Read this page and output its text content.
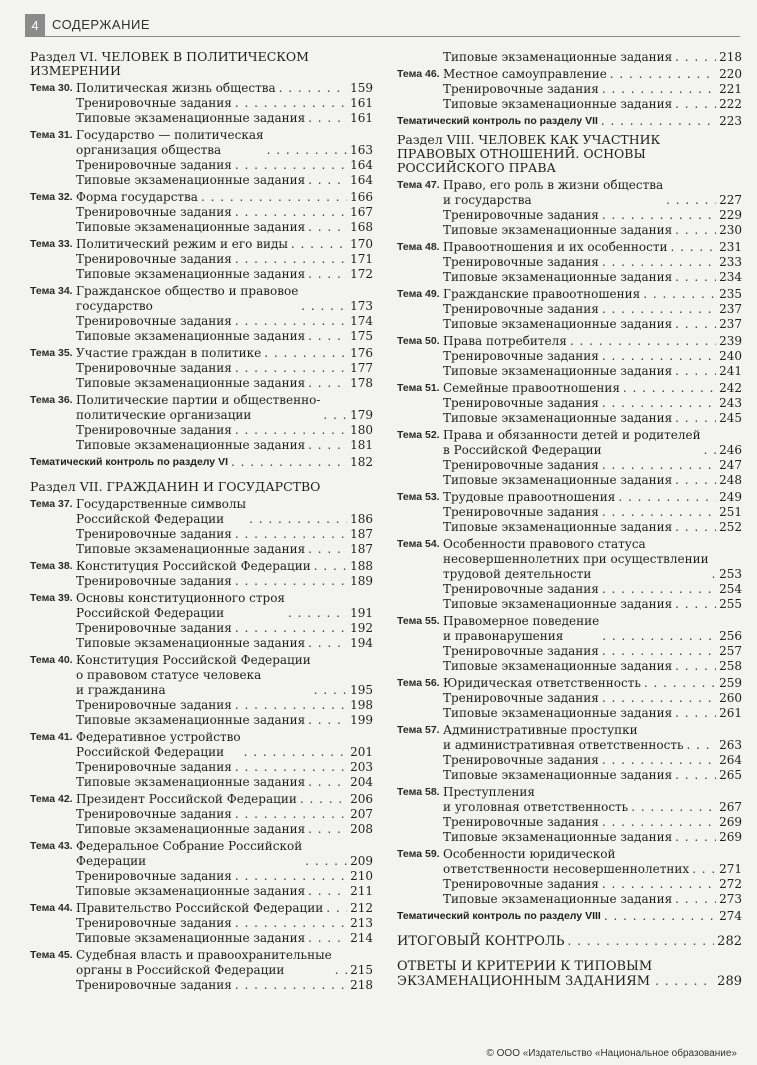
4	СОДЕРЖАНИЕ
Раздел VI. ЧЕЛОВЕК В ПОЛИТИЧЕСКОМ
ИЗМЕРЕНИИ
Тема 30. Политическая жизнь общества . . .	159
Тренировочные задания . . .	161
Типовые экзаменационные задания . . .	161
Тема 31. Государство — политическая
организация общества . . .	163
Тренировочные задания . . .	164
Типовые экзаменационные задания . . .	164
Тема 32. Форма государства . . .	166
Тренировочные задания . . .	167
Типовые экзаменационные задания . . .	168
Тема 33. Политический режим и его виды . . .	170
Тренировочные задания . . .	171
Типовые экзаменационные задания . . .	172
Тема 34. Гражданское общество и правовое
государство . . .	173
Тренировочные задания . . .	174
Типовые экзаменационные задания . . .	175
Тема 35. Участие граждан в политике . . .	176
Тренировочные задания . . .	177
Типовые экзаменационные задания . . .	178
Тема 36. Политические партии и общественно-
политические организации . . .	179
Тренировочные задания . . .	180
Типовые экзаменационные задания . . .	181
Тематический контроль по разделу VI . . .	182
Раздел VII. ГРАЖДАНИН И ГОСУДАРСТВО
Тема 37. Государственные символы
Российской Федерации . . .	186
Тренировочные задания . . .	187
Типовые экзаменационные задания . . .	187
Тема 38. Конституция Российской Федерации . . .	188
Тренировочные задания . . .	189
Тема 39. Основы конституционного строя
Российской Федерации . . .	191
Тренировочные задания . . .	192
Типовые экзаменационные задания . . .	194
Тема 40. Конституция Российской Федерации
о правовом статусе человека
и гражданина . . .	195
Тренировочные задания . . .	198
Типовые экзаменационные задания . . .	199
Тема 41. Федеративное устройство
Российской Федерации . . .	201
Тренировочные задания . . .	203
Типовые экзаменационные задания . . .	204
Тема 42. Президент Российской Федерации . . .	206
Тренировочные задания . . .	207
Типовые экзаменационные задания . . .	208
Тема 43. Федеральное Собрание Российской
Федерации . . .	209
Тренировочные задания . . .	210
Типовые экзаменационные задания . . .	211
Тема 44. Правительство Российской Федерации . . . 212
Тренировочные задания . . .	213
Типовые экзаменационные задания . . .	214
Тема 45. Судебная власть и правоохранительные
органы в Российской Федерации . . .	215
Тренировочные задания . . .	218
Типовые экзаменационные задания . . .	218
Тема 46. Местное самоуправление . . .	220
Тренировочные задания . . .	221
Типовые экзаменационные задания . . .	222
Тематический контроль по разделу VII . . .	223
Раздел VIII. ЧЕЛОВЕК КАК УЧАСТНИК
ПРАВОВЫХ ОТНОШЕНИЙ. ОСНОВЫ
РОССИЙСКОГО ПРАВА
Тема 47. Право, его роль в жизни общества
и государства . . .	227
Тренировочные задания . . .	229
Типовые экзаменационные задания . . .	230
Тема 48. Правоотношения и их особенности . . .	231
Тренировочные задания . . .	233
Типовые экзаменационные задания . . .	234
Тема 49. Гражданские правоотношения . . .	235
Тренировочные задания . . .	237
Типовые экзаменационные задания . . .	237
Тема 50. Права потребителя . . .	239
Тренировочные задания . . .	240
Типовые экзаменационные задания . . .	241
Тема 51. Семейные правоотношения . . .	242
Тренировочные задания . . .	243
Типовые экзаменационные задания . . .	245
Тема 52. Права и обязанности детей и родителей
в Российской Федерации . . .	246
Тренировочные задания . . .	247
Типовые экзаменационные задания . . .	248
Тема 53. Трудовые правоотношения . . .	249
Тренировочные задания . . .	251
Типовые экзаменационные задания . . .	252
Тема 54. Особенности правового статуса
несовершеннолетних при осуществлении
трудовой деятельности . . .	253
Тренировочные задания . . .	254
Типовые экзаменационные задания . . .	255
Тема 55. Правомерное поведение
и правонарушения . . .	256
Тренировочные задания . . .	257
Типовые экзаменационные задания . . .	258
Тема 56. Юридическая ответственность . . .	259
Тренировочные задания . . .	260
Типовые экзаменационные задания . . .	261
Тема 57. Административные проступки
и административная ответственность . . .	263
Тренировочные задания . . .	264
Типовые экзаменационные задания . . .	265
Тема 58. Преступления
и уголовная ответственность . . .	267
Тренировочные задания . . .	269
Типовые экзаменационные задания . . .	269
Тема 59. Особенности юридической
ответственности несовершеннолетних . . . 271
Тренировочные задания . . .	272
Типовые экзаменационные задания . . .	273
Тематический контроль по разделу VIII . . .	274
ИТОГОВЫЙ КОНТРОЛЬ . . .	282
ОТВЕТЫ И КРИТЕРИИ К ТИПОВЫМ
ЭКЗАМЕНАЦИОННЫМ ЗАДАНИЯМ . . .	289
© ООО «Издательство «Национальное образование»
